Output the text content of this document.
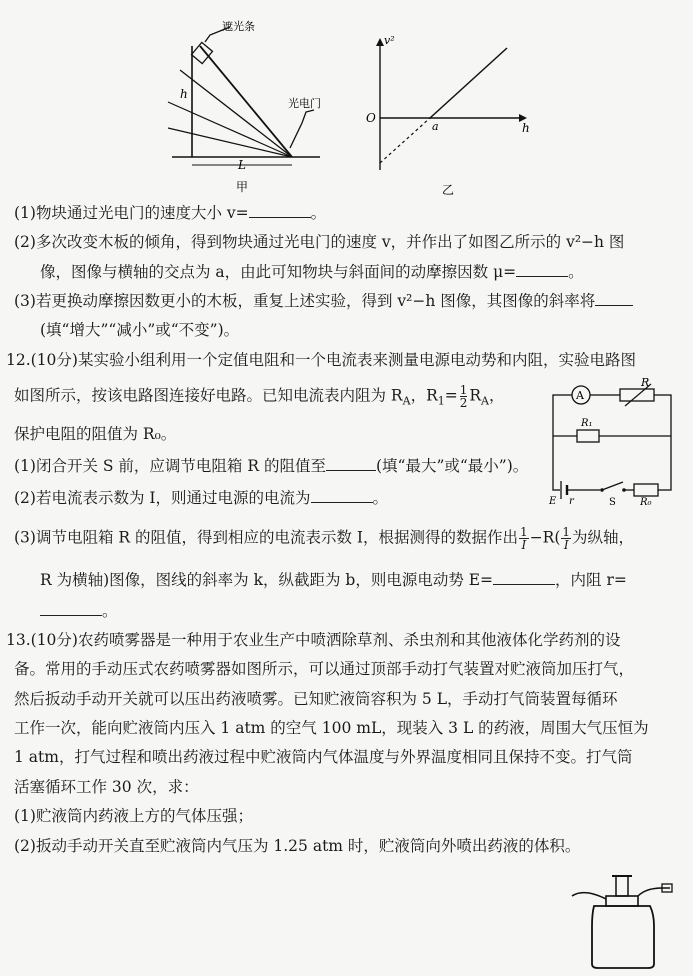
遮光条
光电门
h
L
甲
v²
h
O
a
乙
(1)物块通过光电门的速度大小 v=	。
(2)多次改变木板的倾角，得到物块通过光电门的速度 v，并作出了如图乙所示的 v²−h 图
像，图像与横轴的交点为 a，由此可知物块与斜面间的动摩擦因数 μ=	。
(3)若更换动摩擦因数更小的木板，重复上述实验，得到 v²−h 图像，其图像的斜率将
(填“增大”“减小”或“不变”)。
12.(10分)某实验小组利用一个定值电阻和一个电流表来测量电源电动势和内阻，实验电路图
如图所示，按该电路图连接好电路。已知电流表内阻为 $R_A$，$R_1= \frac{1}{2} R_A$，
保护电阻的阻值为 R₀。
(1)闭合开关 S 前，应调节电阻箱 R 的阻值至	(填“最大”或“最小”)。
(2)若电流表示数为 I，则通过电源的电流为	。
(3)调节电阻箱 R 的阻值，得到相应的电流表示数 I，根据测得的数据作出 $\frac{1}{I} -R( \frac{1}{I}$ 为纵轴，
R 为横轴)图像，图线的斜率为 k，纵截距为 b，则电源电动势 E=	，内阻 r=
。
A
R
R₁
E r	S R₀
13.(10分)农药喷雾器是一种用于农业生产中喷洒除草剂、杀虫剂和其他液体化学药剂的设
备。常用的手动压式农药喷雾器如图所示，可以通过顶部手动打气装置对贮液筒加压打气，
然后扳动手动开关就可以压出药液喷雾。已知贮液筒容积为 5 L，手动打气筒装置每循环
工作一次，能向贮液筒内压入 1 atm 的空气 100 mL，现装入 3 L 的药液，周围大气压恒为
1 atm，打气过程和喷出药液过程中贮液筒内气体温度与外界温度相同且保持不变。打气筒
活塞循环工作 30 次，求：
(1)贮液筒内药液上方的气体压强；
(2)扳动手动开关直至贮液筒内气压为 1.25 atm 时，贮液筒向外喷出药液的体积。
